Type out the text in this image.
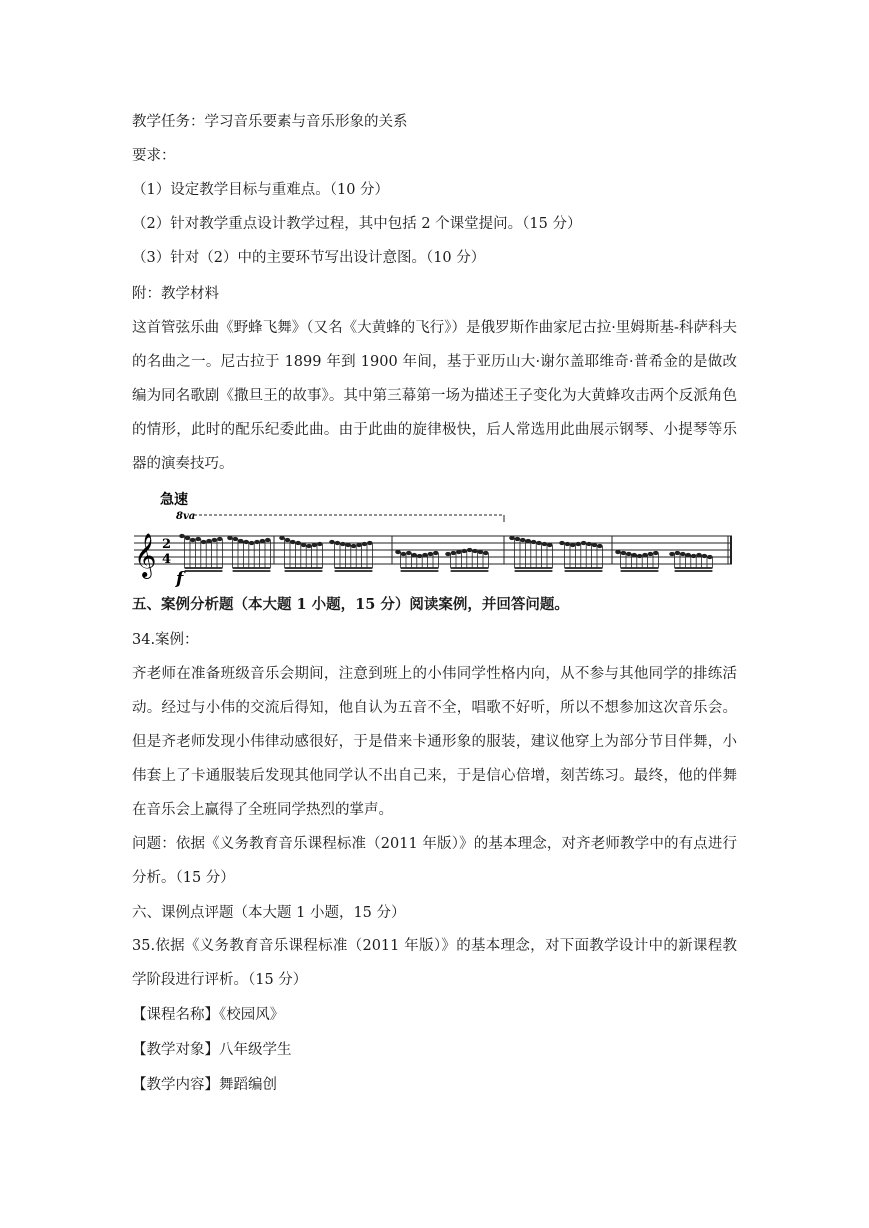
教学任务：学习音乐要素与音乐形象的关系
要求：
（1）设定教学目标与重难点。（10 分）
（2）针对教学重点设计教学过程，其中包括 2 个课堂提问。（15 分）
（3）针对（2）中的主要环节写出设计意图。（10 分）
附：教学材料
这首管弦乐曲《野蜂飞舞》（又名《大黄蜂的飞行》）是俄罗斯作曲家尼古拉·里姆斯基-科萨科夫的名曲之一。尼古拉于 1899 年到 1900 年间，基于亚历山大·谢尔盖耶维奇·普希金的是做改编为同名歌剧《撒旦王的故事》。其中第三幕第一场为描述王子变化为大黄蜂攻击两个反派角色的情形，此时的配乐纪委此曲。由于此曲的旋律极快，后人常选用此曲展示钢琴、小提琴等乐器的演奏技巧。
急速
8va
𝄞 2
4
f
五、案例分析题（本大题 1 小题，15 分）阅读案例，并回答问题。
34.案例：
齐老师在准备班级音乐会期间，注意到班上的小伟同学性格内向，从不参与其他同学的排练活动。经过与小伟的交流后得知，他自认为五音不全，唱歌不好听，所以不想参加这次音乐会。但是齐老师发现小伟律动感很好，于是借来卡通形象的服装，建议他穿上为部分节目伴舞，小伟套上了卡通服装后发现其他同学认不出自己来，于是信心倍增，刻苦练习。最终，他的伴舞在音乐会上赢得了全班同学热烈的掌声。
问题：依据《义务教育音乐课程标准（2011 年版）》的基本理念，对齐老师教学中的有点进行分析。（15 分）
六、课例点评题（本大题 1 小题，15 分）
35.依据《义务教育音乐课程标准（2011 年版）》的基本理念，对下面教学设计中的新课程教学阶段进行评析。（15 分）
【课程名称】《校园风》
【教学对象】八年级学生
【教学内容】舞蹈编创
